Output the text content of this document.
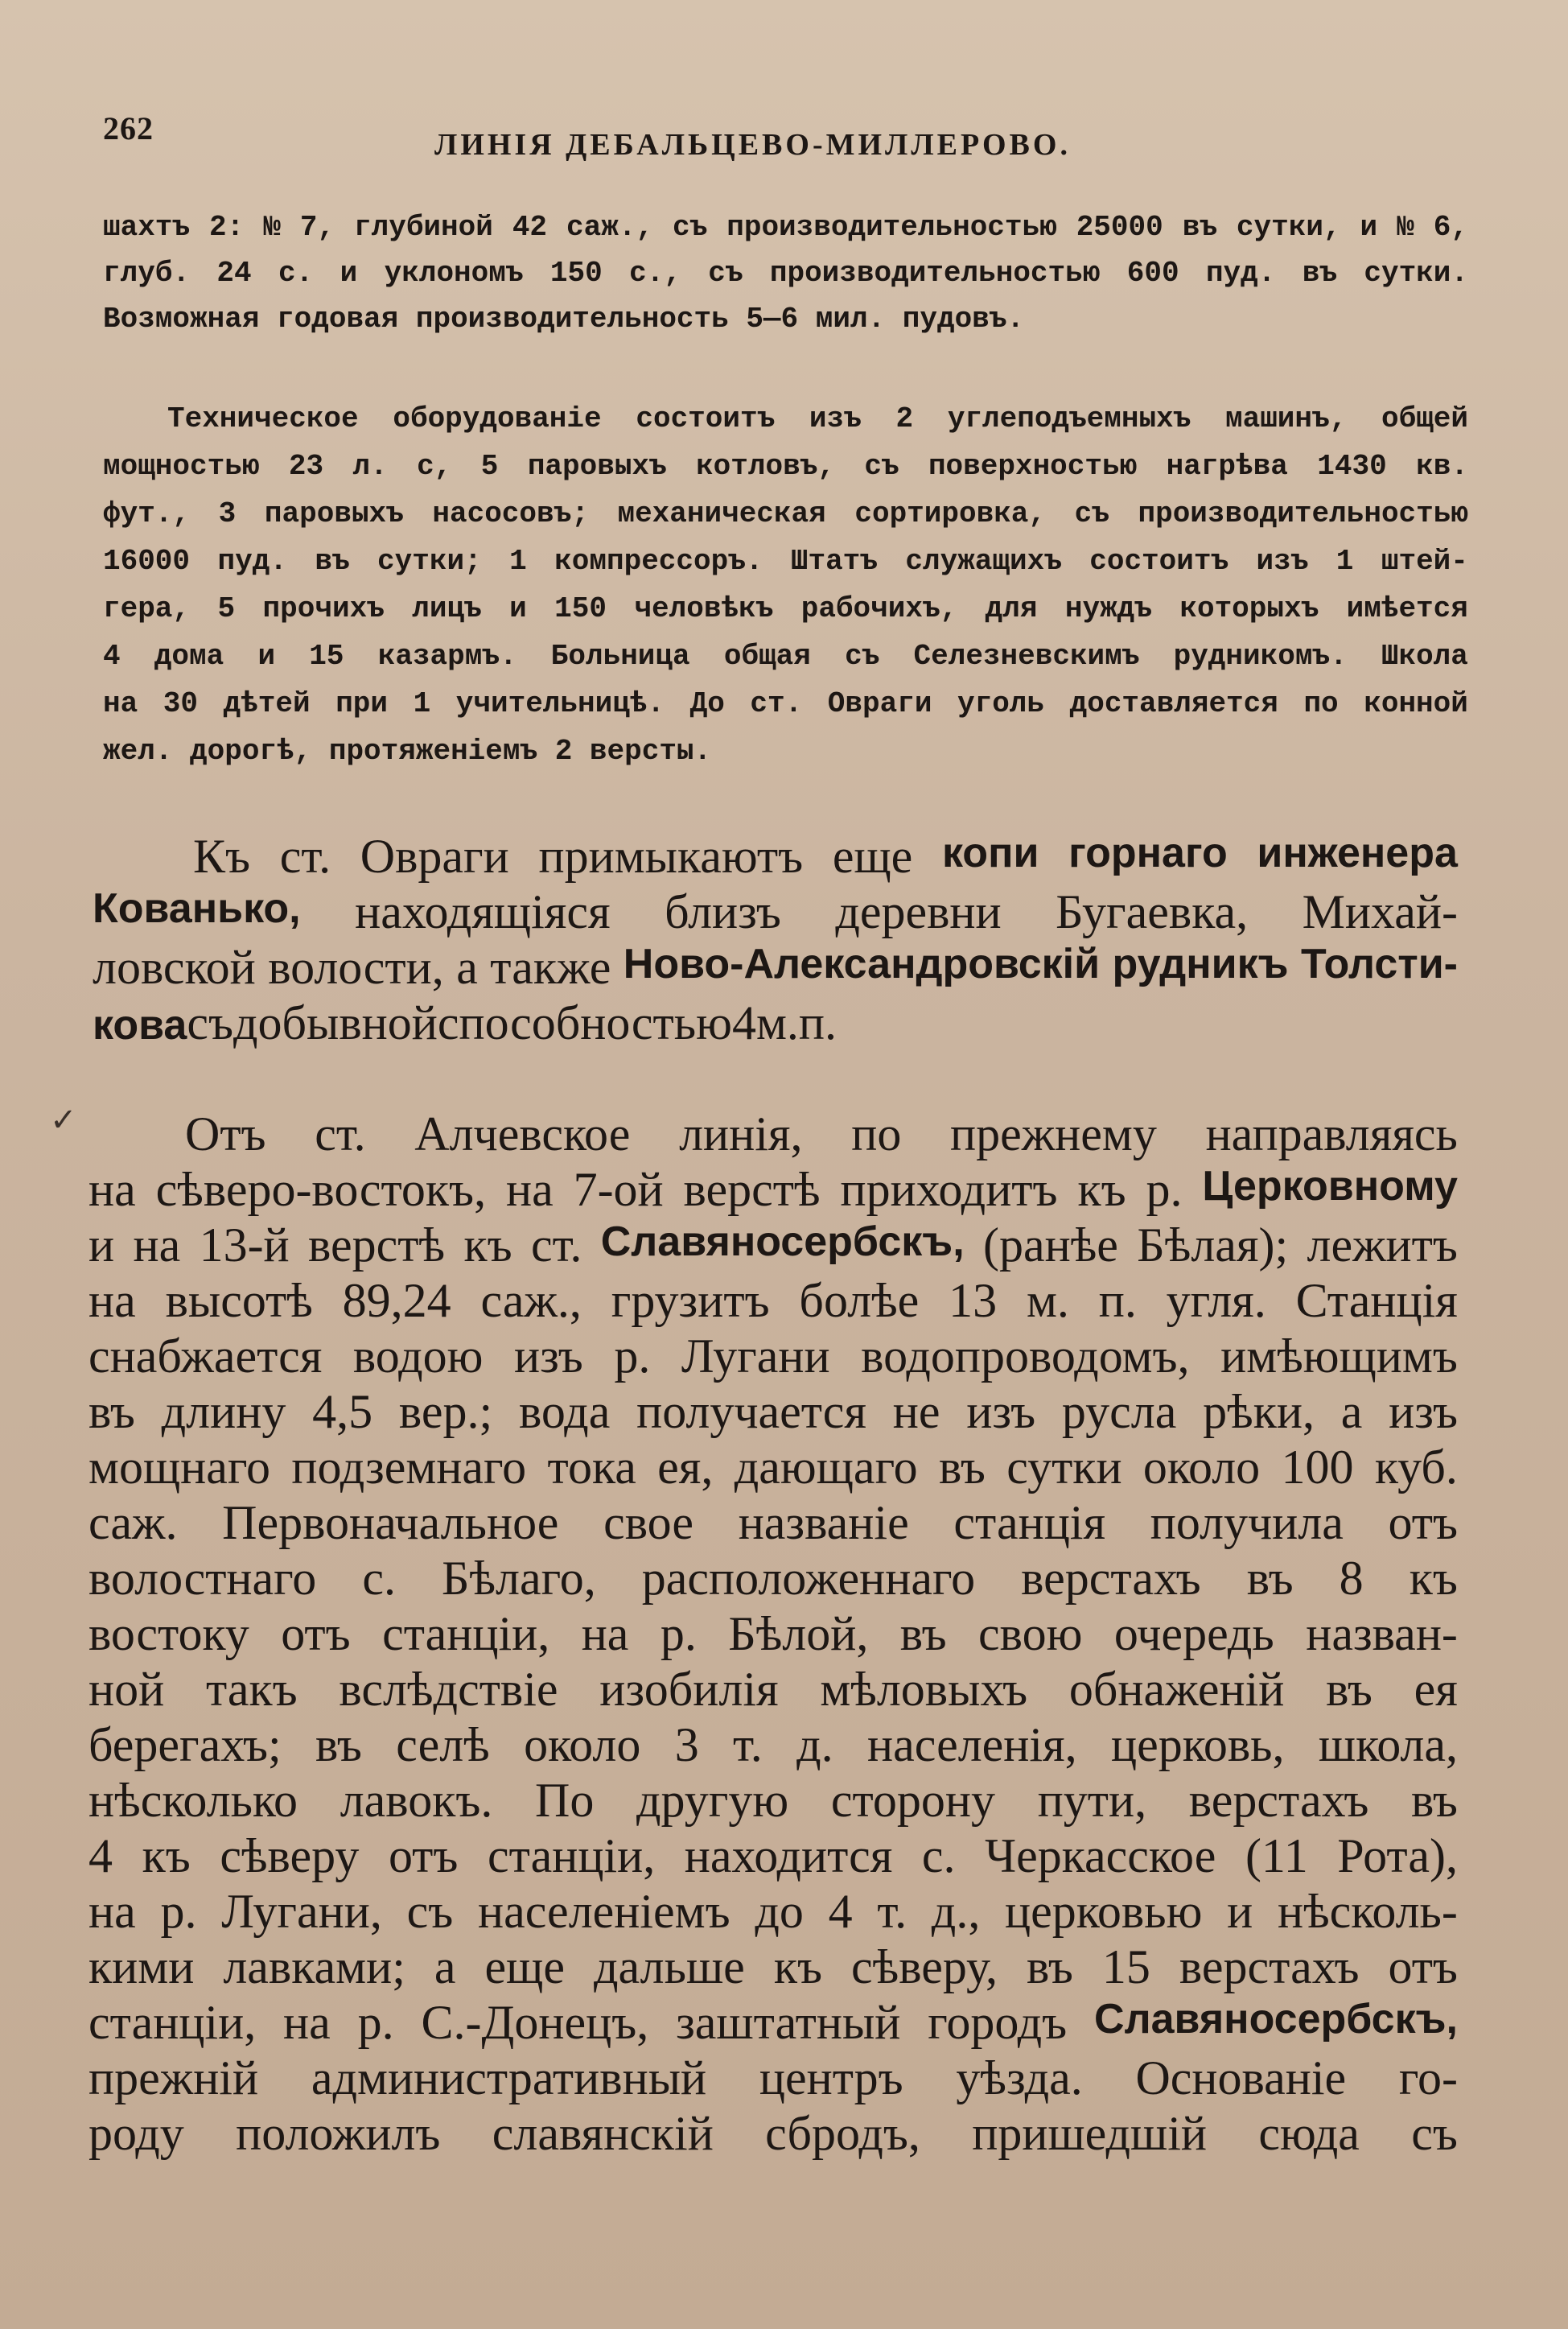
262	ЛИНІЯ ДЕБАЛЬЦЕВО-МИЛЛЕРОВО.
✓
шахтъ 2: № 7, глубиной 42 саж., съ производительностью 25000 въ сутки, и № 6,
глуб. 24 с. и уклономъ 150 с., съ производительностью 600 пуд. въ сутки.
Возможная годовая производительность 5—6 мил. пудовъ.
Техническое оборудованіе состоитъ изъ 2 углеподъемныхъ машинъ, общей
мощностью 23 л. с, 5 паровыхъ котловъ, съ поверхностью нагрѣва 1430 кв.
фут., 3 паровыхъ насосовъ; механическая сортировка, съ производительностью
16000 пуд. въ сутки; 1 компрессоръ. Штатъ служащихъ состоитъ изъ 1 штей-
гера, 5 прочихъ лицъ и 150 человѣкъ рабочихъ, для нуждъ которыхъ имѣется
4 дома и 15 казармъ. Больница общая съ Селезневскимъ рудникомъ. Школа
на 30 дѣтей при 1 учительницѣ. До ст. Овраги уголь доставляется по конной
жел. дорогѣ, протяженіемъ 2 версты.
Къ ст. Овраги примыкаютъ еще копи горнаго инженера
Кованько, находящіяся близъ деревни Бугаевка, Михай-
ловской волости, а также Ново-Александровскій рудникъ Толсти-
ковасъдобывнойспособностью4м.п.
Отъ ст. Алчевское линія, по прежнему направляясь
на сѣверо-востокъ, на 7-ой верстѣ приходитъ къ р. Церковному
и на 13-й верстѣ къ ст. Славяносербскъ, (ранѣе Бѣлая); лежитъ
на высотѣ 89,24 саж., грузитъ болѣе 13 м. п. угля. Станція
снабжается водою изъ р. Лугани водопроводомъ, имѣющимъ
въ длину 4,5 вер.; вода получается не изъ русла рѣки, а изъ
мощнаго подземнаго тока ея, дающаго въ сутки около 100 куб.
саж. Первоначальное свое названіе станція получила отъ
волостнаго с. Бѣлаго, расположеннаго верстахъ въ 8 къ
востоку отъ станціи, на р. Бѣлой, въ свою очередь назван-
ной такъ вслѣдствіе изобилія мѣловыхъ обнаженій въ ея
берегахъ; въ селѣ около 3 т. д. населенія, церковь, школа,
нѣсколько лавокъ. По другую сторону пути, верстахъ въ
4 къ сѣверу отъ станціи, находится с. Черкасское (11 Рота),
на р. Лугани, съ населеніемъ до 4 т. д., церковью и нѣсколь-
кими лавками; а еще дальше къ сѣверу, въ 15 верстахъ отъ
станціи, на р. С.-Донецъ, заштатный городъ Славяносербскъ,
прежній административный центръ уѣзда. Основаніе го-
роду положилъ славянскій сбродъ, пришедшій сюда съ
